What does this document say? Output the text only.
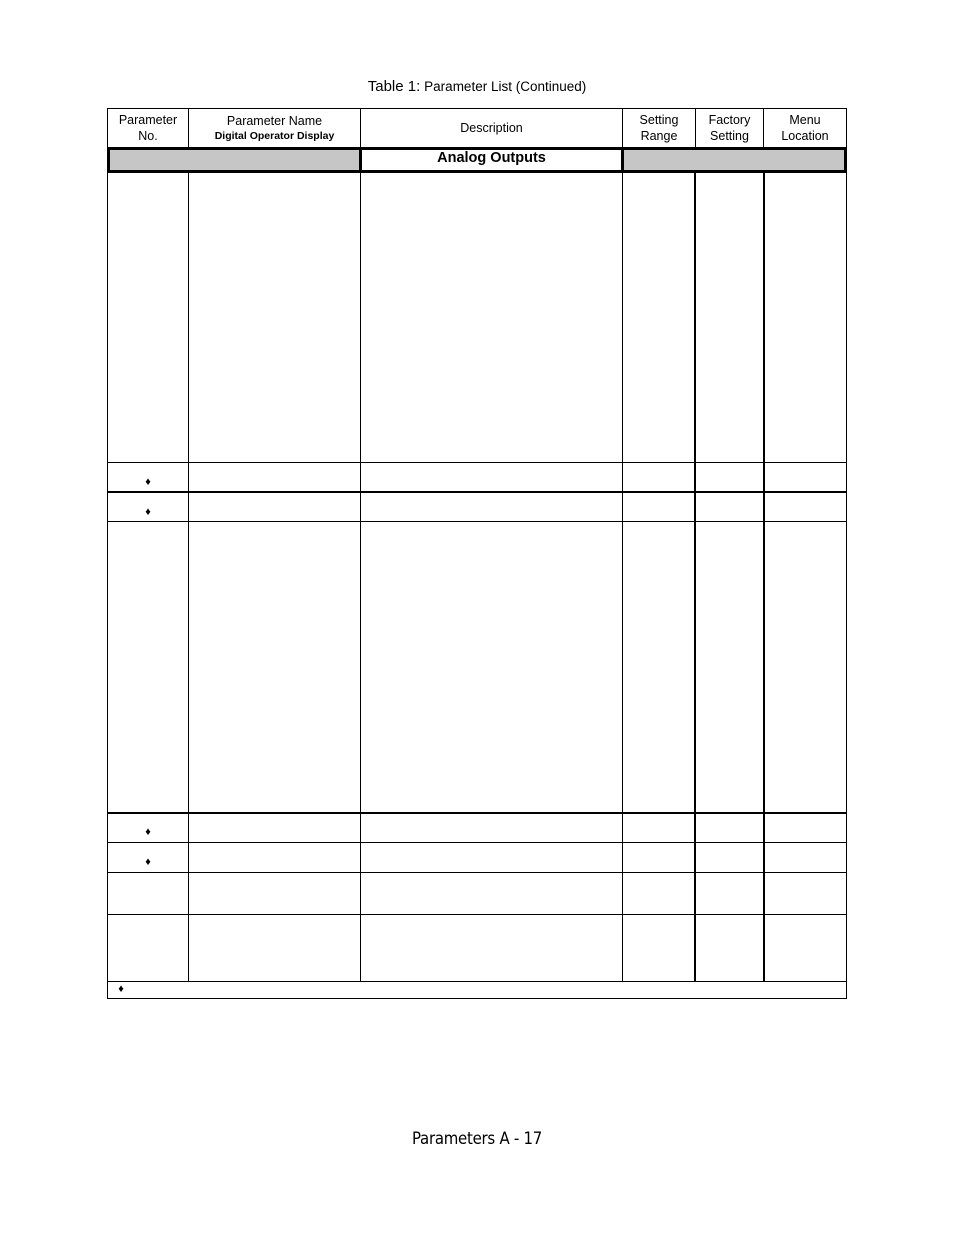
Table 1: Parameter List (Continued)
Parameter
No.
Parameter Name
Digital Operator Display
Description
Setting
Range
Factory
Setting
Menu
Location
Analog Outputs
♦
♦
♦
♦
♦
Parameters A - 17
